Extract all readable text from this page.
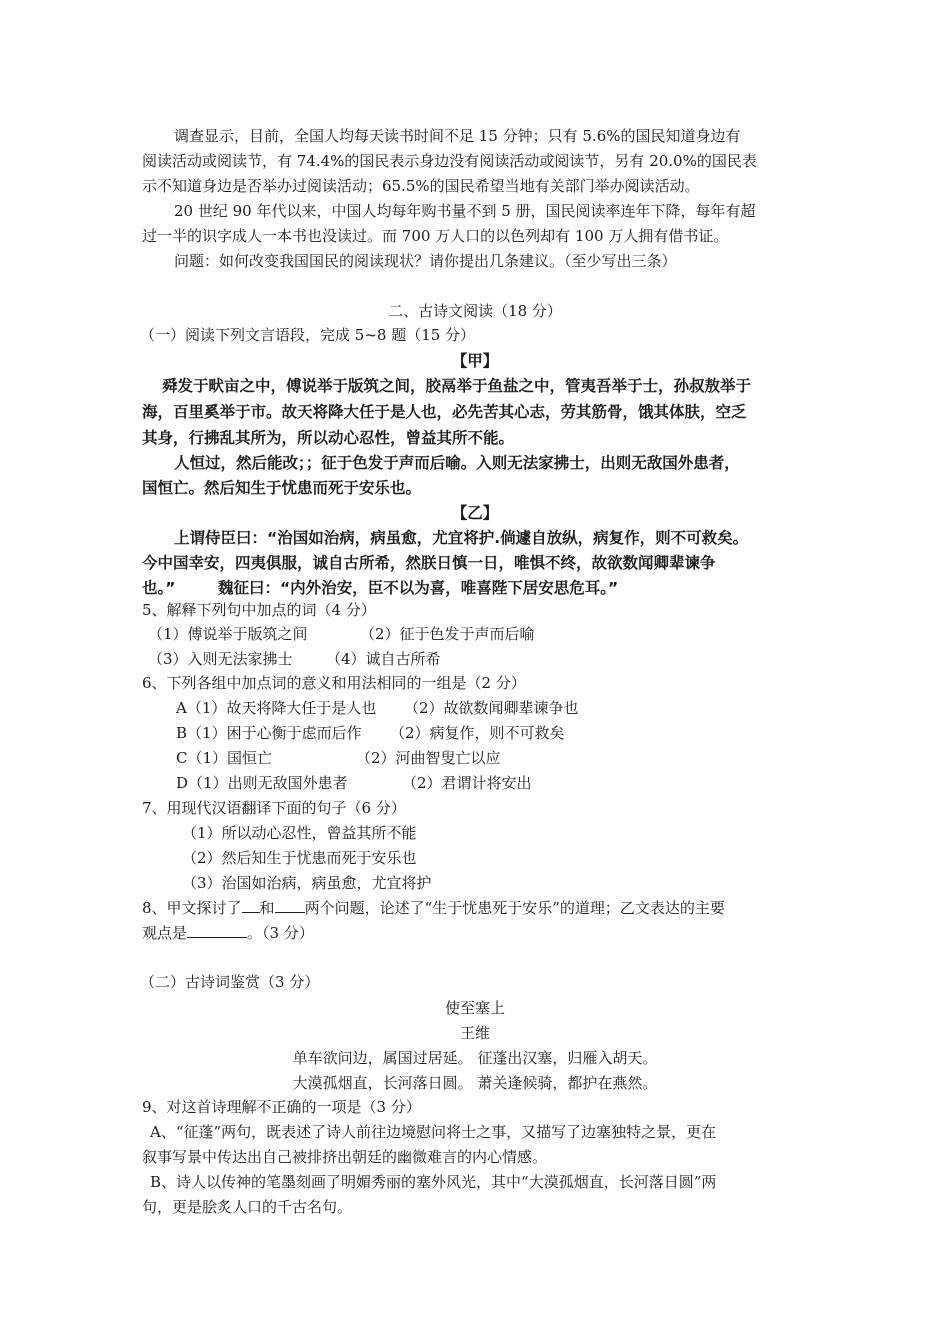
调查显示，目前，全国人均每天读书时间不足 15 分钟；只有 5.6%的国民知道身边有
阅读活动或阅读节，有 74.4%的国民表示身边没有阅读活动或阅读节，另有 20.0%的国民表
示不知道身边是否举办过阅读活动；65.5%的国民希望当地有关部门举办阅读活动。
20 世纪 90 年代以来，中国人均每年购书量不到 5 册，国民阅读率连年下降，每年有超
过一半的识字成人一本书也没读过。而 700 万人口的以色列却有 100 万人拥有借书证。
问题：如何改变我国国民的阅读现状？请你提出几条建议。（至少写出三条）
二、古诗文阅读（18 分）
（一）阅读下列文言语段，完成 5~8 题（15 分）
【甲】
舜发于畎亩之中，傅说举于版筑之间，胶鬲举于鱼盐之中，管夷吾举于士，孙叔敖举于
海，百里奚举于市。故天将降大任于是人也，必先苦其心志，劳其筋骨，饿其体肤，空乏
其身，行拂乱其所为，所以动心忍性，曾益其所不能。
人恒过，然后能改；；征于色发于声而后喻。入则无法家拂士，出则无敌国外患者，
国恒亡。然后知生于忧患而死于安乐也。
【乙】
上谓侍臣曰：“治国如治病，病虽愈，尤宜将护.倘遽自放纵，病复作，则不可救矣。
今中国幸安，四夷俱服，诚自古所希，然朕日慎一日，唯惧不终，故欲数闻卿辈谏争
也。”	魏征曰：“内外治安，臣不以为喜，唯喜陛下居安思危耳。”
5、解释下列句中加点的词（4 分）
（1）傅说举于版筑之间	（2）征于色发于声而后喻
（3）入则无法家拂士 （4）诚自古所希
6、下列各组中加点词的意义和用法相同的一组是（2 分）
A（1）故天将降大任于是人也 （2）故欲数闻卿辈谏争也
B（1）困于心衡于虑而后作 （2）病复作，则不可救矣
C（1）国恒亡	（2）河曲智叟亡以应
D（1）出则无敌国外患者	（2）君谓计将安出
7、用现代汉语翻译下面的句子（6 分）
（1）所以动心忍性，曾益其所不能
（2）然后知生于忧患而死于安乐也
（3）治国如治病，病虽愈，尤宜将护
8、甲文探讨了 和 两个问题，论述了“生于忧患死于安乐”的道理；乙文表达的主要
观点是	。（3 分）
（二）古诗词鉴赏（3 分）
使至塞上
王维
单车欲问边，属国过居延。 征蓬出汉塞，归雁入胡天。
大漠孤烟直，长河落日圆。 萧关逢候骑，都护在燕然。
9、对这首诗理解不正确的一项是（3 分）
A、“征蓬”两句，既表述了诗人前往边境慰问将士之事，又描写了边塞独特之景，更在
叙事写景中传达出自己被排挤出朝廷的幽微难言的内心情感。
B、诗人以传神的笔墨刻画了明媚秀丽的塞外风光，其中“大漠孤烟直，长河落日圆”两
句，更是脍炙人口的千古名句。
